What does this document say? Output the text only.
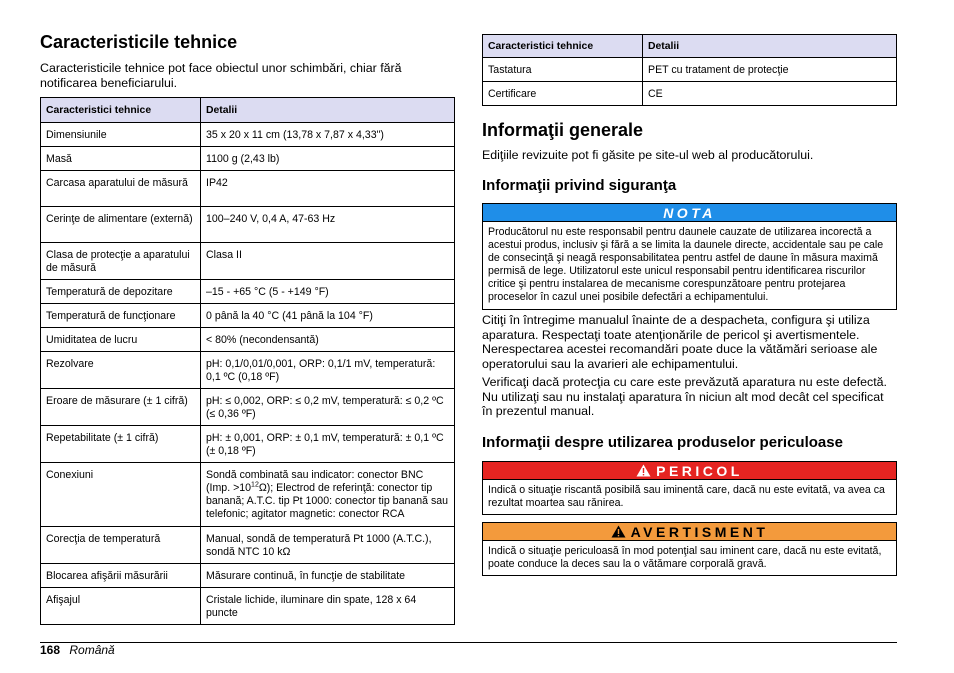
Caracteristicile tehnice

Caracteristicile tehnice pot face obiectul unor schimbări, chiar fără notificarea beneficiarului.

Caracteristici tehnice	Detalii
Dimensiunile	35 x 20 x 11 cm (13,78 x 7,87 x 4,33")
Masă	1100 g (2,43 lb)
Carcasa aparatului de măsură	IP42
Cerinţe de alimentare (externă)	100–240 V, 0,4 A, 47-63 Hz
Clasa de protecţie a aparatului de măsură	Clasa II
Temperatură de depozitare	–15 - +65 °C (5 - +149 °F)
Temperatură de funcţionare	0 până la 40 °C (41 până la 104 °F)
Umiditatea de lucru	< 80% (necondensantă)
Rezolvare	pH: 0,1/0,01/0,001, ORP: 0,1/1 mV, temperatură: 0,1 ºC (0,18 ºF)
Eroare de măsurare (± 1 cifră)	pH: ≤ 0,002, ORP: ≤ 0,2 mV, temperatură: ≤ 0,2 ºC (≤ 0,36 ºF)
Repetabilitate (± 1 cifră)	pH: ± 0,001, ORP: ± 0,1 mV, temperatură: ± 0,1 ºC (± 0,18 ºF)
Conexiuni	Sondă combinată sau indicator: conector BNC (Imp. $>10^{12}\Omega$); Electrod de referinţă: conector tip banană; A.T.C. tip Pt 1000: conector tip banană sau telefonic; agitator magnetic: conector RCA
Corecţia de temperatură	Manual, sondă de temperatură Pt 1000 (A.T.C.), sondă NTC 10 kΩ
Blocarea afişării măsurării	Măsurare continuă, în funcţie de stabilitate
Afişajul	Cristale lichide, iluminare din spate, 128 x 64 puncte
Caracteristici tehnice	Detalii
Tastatura	PET cu tratament de protecţie
Certificare	CE
Informaţii generale

Ediţiile revizuite pot fi găsite pe site-ul web al producătorului.

Informaţii privind siguranţa
NOTA
Producătorul nu este responsabil pentru daunele cauzate de utilizarea incorectă a acestui produs, inclusiv şi fără a se limita la daunele directe, accidentale sau pe cale de consecinţă şi neagă responsabilitatea pentru astfel de daune în măsura maximă permisă de lege. Utilizatorul este unicul responsabil pentru identificarea riscurilor critice şi pentru instalarea de mecanisme corespunzătoare pentru protejarea proceselor în cazul unei posibile defectări a echipamentului.

Citiţi în întregime manualul înainte de a despacheta, configura şi utiliza aparatura. Respectaţi toate atenţionările de pericol şi avertismentele. Nerespectarea acestei recomandări poate duce la vătămări serioase ale operatorului sau la avarieri ale echipamentului.

Verificaţi dacă protecţia cu care este prevăzută aparatura nu este defectă. Nu utilizaţi sau nu instalaţi aparatura în niciun alt mod decât cel specificat în prezentul manual.

Informaţii despre utilizarea produselor periculoase
PERICOL
Indică o situaţie riscantă posibilă sau iminentă care, dacă nu este evitată, va avea ca rezultat moartea sau rănirea.
AVERTISMENT
Indică o situaţie periculoasă în mod potenţial sau iminent care, dacă nu este evitată, poate conduce la deces sau la o vătămare corporală gravă.
168 Română
